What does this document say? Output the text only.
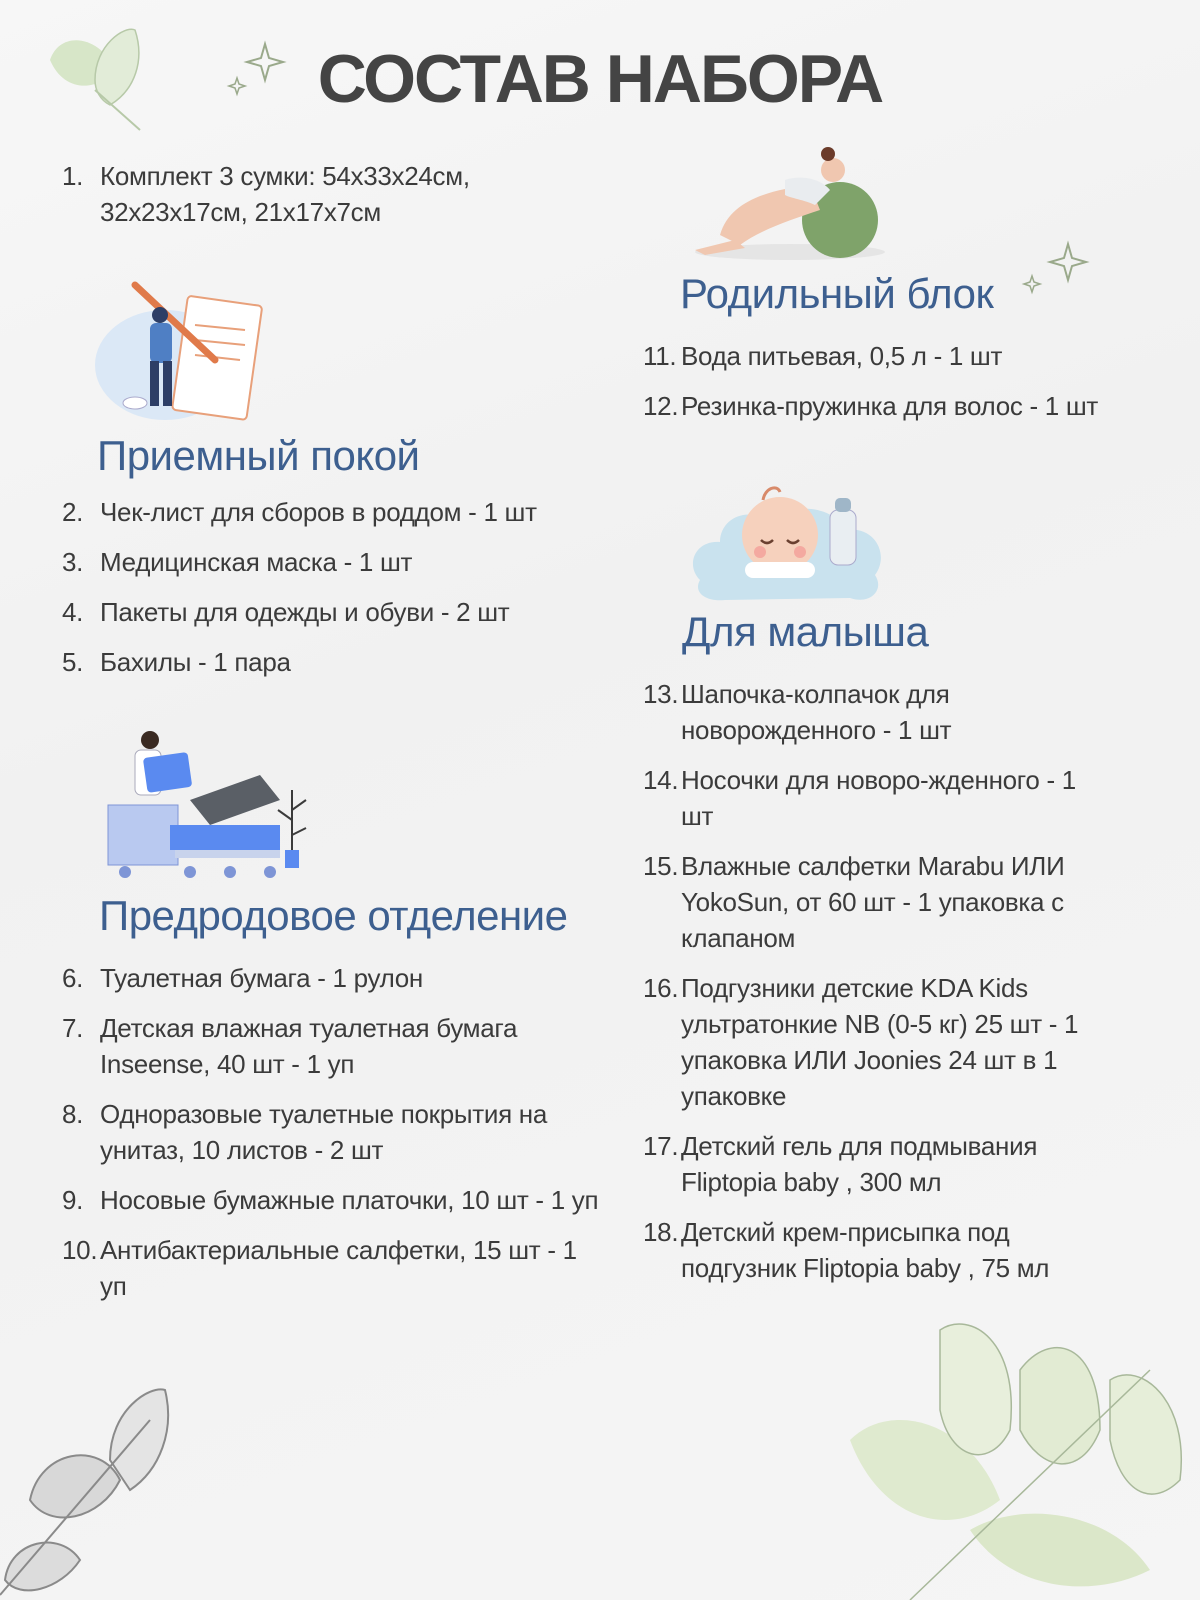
СОСТАВ НАБОРА
1. Комплект 3 сумки: 54x33x24см, 32x23x17см, 21x17x7см
Приемный покой
2. Чек-лист для сборов в роддом - 1 шт
3. Медицинская маска - 1 шт
4. Пакеты для одежды и обуви - 2 шт
5. Бахилы - 1 пара
Предродовое отделение
6. Туалетная бумага - 1 рулон
7. Детская влажная туалетная бумага Inseense, 40 шт - 1 уп
8. Одноразовые туалетные покрытия на унитаз, 10 листов - 2 шт
9. Носовые бумажные платочки, 10 шт - 1 уп
10. Антибактериальные салфетки, 15 шт - 1 уп
Родильный блок
11. Вода питьевая, 0,5 л - 1 шт
12. Резинка-пружинка для волос - 1 шт
Для малыша
13. Шапочка-колпачок для новорожденного - 1 шт
14. Носочки для новоро-жденного - 1 шт
15. Влажные салфетки Marabu ИЛИ YokoSun, от 60 шт - 1 упаковка с клапаном
16. Подгузники детские KDA Kids ультратонкие NB (0-5 кг) 25 шт - 1 упаковка ИЛИ Joonies 24 шт в 1 упаковке
17. Детский гель для подмывания Fliptopia baby , 300 мл
18. Детский крем-присыпка под подгузник Fliptopia baby , 75 мл
